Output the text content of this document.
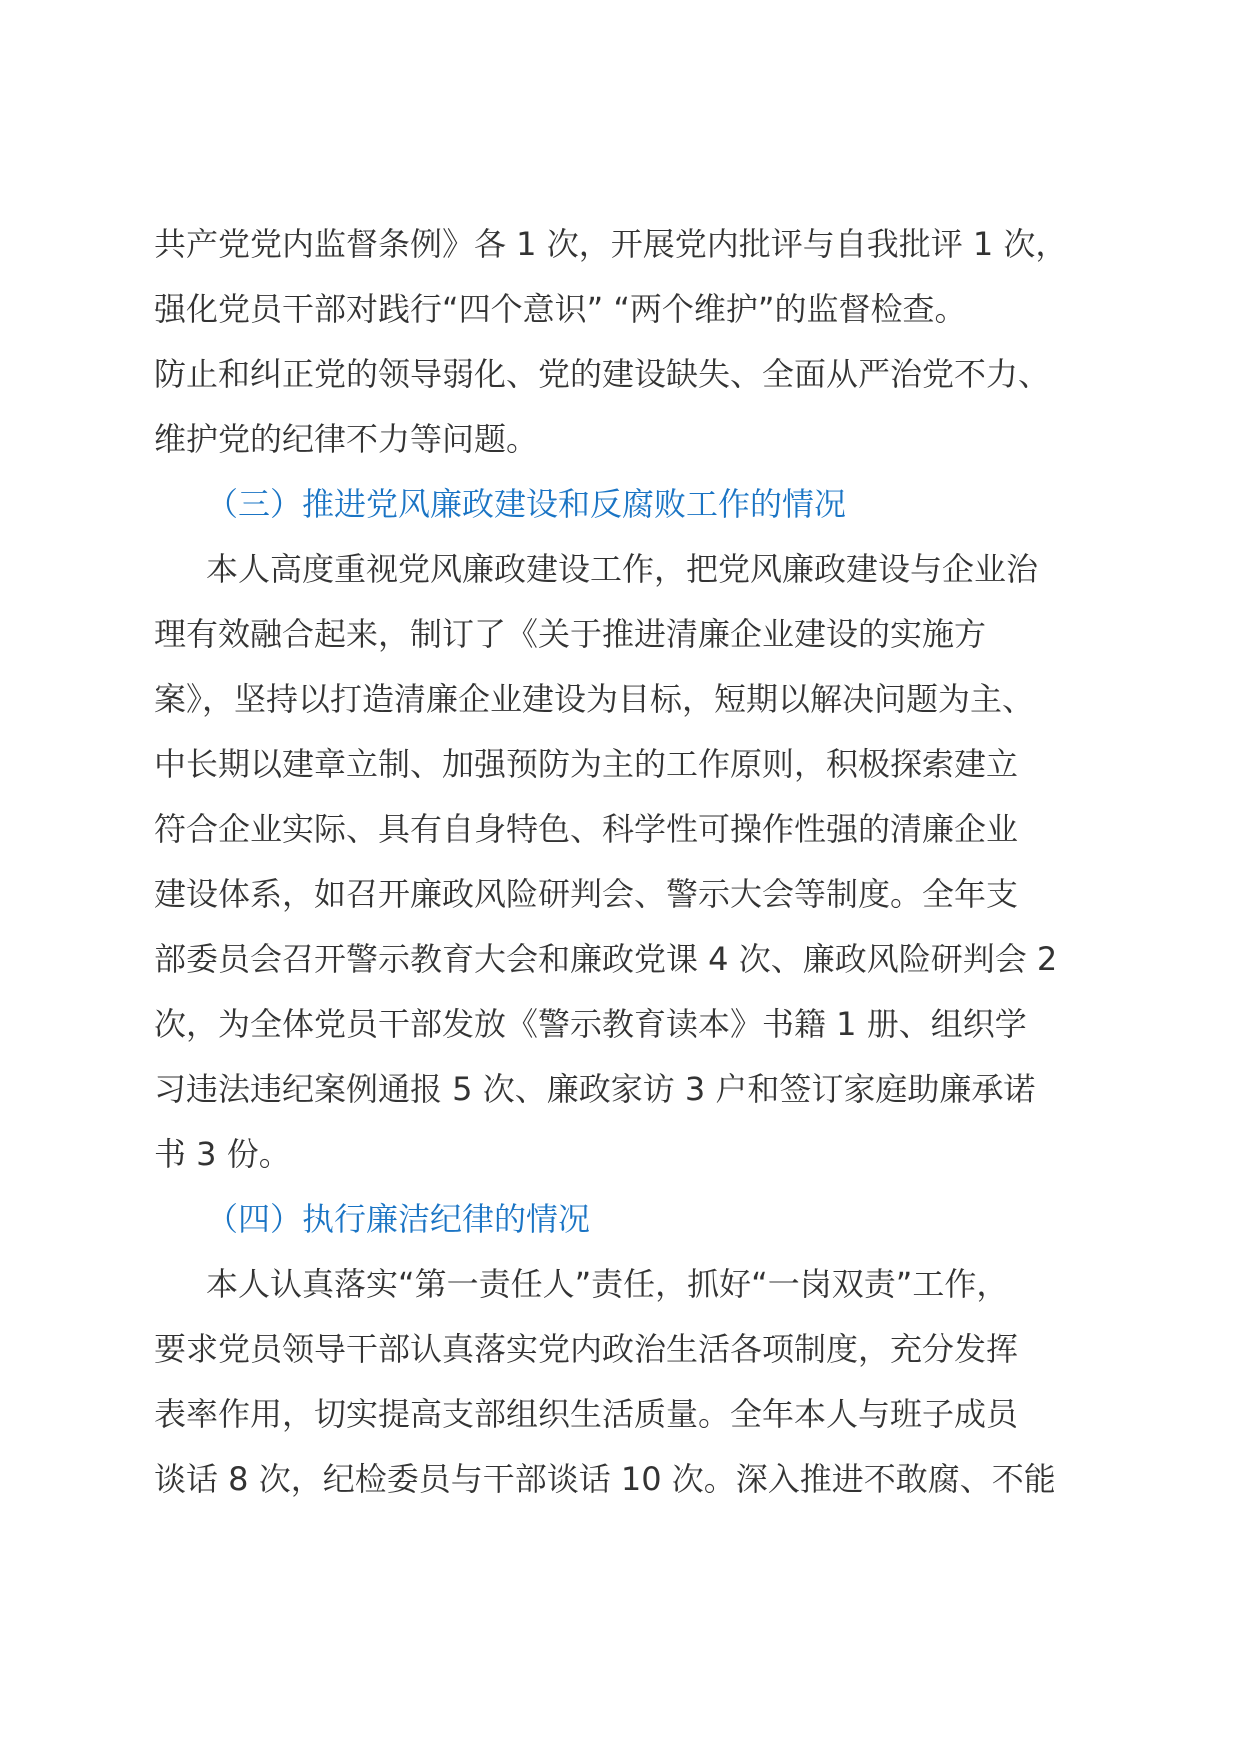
共产党党内监督条例》各 1 次，开展党内批评与自我批评 1 次，

强化党员干部对践行“四个意识” “两个维护”的监督检查。

防止和纠正党的领导弱化、党的建设缺失、全面从严治党不力、

维护党的纪律不力等问题。

（三）推进党风廉政建设和反腐败工作的情况

本人高度重视党风廉政建设工作，把党风廉政建设与企业治

理有效融合起来，制订了《关于推进清廉企业建设的实施方

案》，坚持以打造清廉企业建设为目标，短期以解决问题为主、

中长期以建章立制、加强预防为主的工作原则，积极探索建立

符合企业实际、具有自身特色、科学性可操作性强的清廉企业

建设体系，如召开廉政风险研判会、警示大会等制度。全年支

部委员会召开警示教育大会和廉政党课 4 次、廉政风险研判会 2

次，为全体党员干部发放《警示教育读本》书籍 1 册、组织学

习违法违纪案例通报 5 次、廉政家访 3 户和签订家庭助廉承诺

书 3 份。

（四）执行廉洁纪律的情况

本人认真落实“第一责任人”责任，抓好“一岗双责”工作，

要求党员领导干部认真落实党内政治生活各项制度，充分发挥

表率作用，切实提高支部组织生活质量。全年本人与班子成员

谈话 8 次，纪检委员与干部谈话 10 次。深入推进不敢腐、不能
